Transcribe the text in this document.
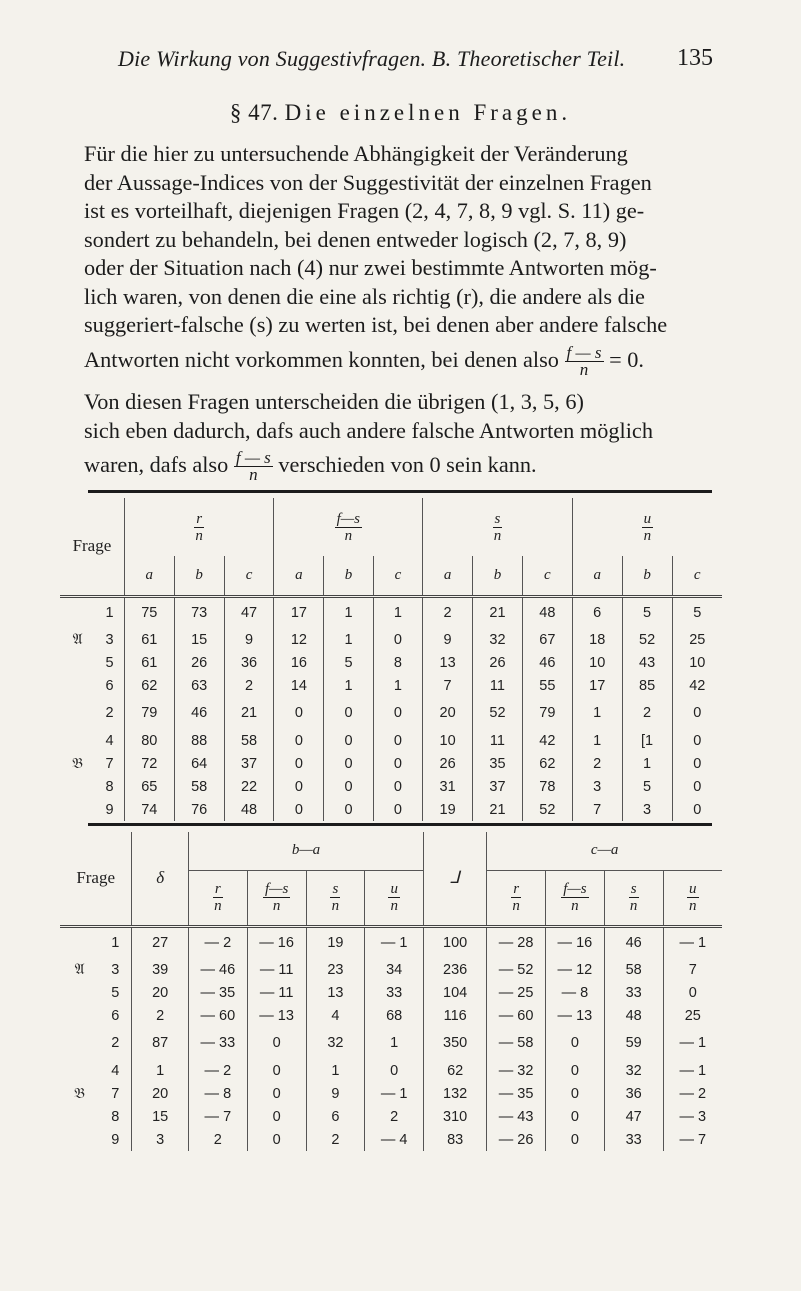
Die Wirkung von Suggestivfragen. B. Theoretischer Teil. 135
§ 47. Die einzelnen Fragen.
Für die hier zu untersuchende Abhängigkeit der Veränderung
der Aussage-Indices von der Suggestivität der einzelnen Fragen
ist es vorteilhaft, diejenigen Fragen (2, 4, 7, 8, 9 vgl. S. 11) ge-
sondert zu behandeln, bei denen entweder logisch (2, 7, 8, 9)
oder der Situation nach (4) nur zwei bestimmte Antworten mög-
lich waren, von denen die eine als richtig (r), die andere als die
suggeriert-falsche (s) zu werten ist, bei denen aber andere falsche
Antworten nicht vorkommen konnten, bei denen also $\frac{f — s}{n} = 0$.
Von diesen Fragen unterscheiden die übrigen (1, 3, 5, 6)
sich eben dadurch, dafs auch andere falsche Antworten möglich
waren, dafs also $\frac{f — s}{n}$ verschieden von 0 sein kann.
Frage		$\frac{r}{n}$			$\frac{f—s}{n}$			$\frac{s}{n}$			$\frac{u}{n}$

		a	b	c	a	b	c	a	b	c	a	b	c
	1	75	73	47	17	1	1	2	21	48	6	5	5
𝔄	3	61	15	9	12	1	0	9	32	67	18	52	25
	5	61	26	36	16	5	8	13	26	46	10	43	10
	6	62	63	2	14	1	1	7	11	55	17	85	42
	2	79	46	21	0	0	0	20	52	79	1	2	0
	4	80	88	58	0	0	0	10	11	42	1	[1	0
𝔅	7	72	64	37	0	0	0	26	35	62	2	1	0
	8	65	58	22	0	0	0	31	37	78	3	5	0
	9	74	76	48	0	0	0	19	21	52	7	3	0
Frage		δ	b—a				⅃	c—a			

			$\frac{r}{n}$	$\frac{f—s}{n}$	$\frac{s}{n}$	$\frac{u}{n}$		$\frac{r}{n}$	$\frac{f—s}{n}$	$\frac{s}{n}$	$\frac{u}{n}$

	1	27	— 2	— 16	19	— 1	100	— 28	— 16	46	— 1
𝔄	3	39	— 46	— 11	23	34	236	— 52	— 12	58	7
	5	20	— 35	— 11	13	33	104	— 25	— 8	33	0
	6	2	— 60	— 13	4	68	116	— 60	— 13	48	25
	2	87	— 33	0	32	1	350	— 58	0	59	— 1
	4	1	— 2	0	1	0	62	— 32	0	32	— 1
𝔅	7	20	— 8	0	9	— 1	132	— 35	0	36	— 2
	8	15	— 7	0	6	2	310	— 43	0	47	— 3
	9	3	2	0	2	— 4	83	— 26	0	33	— 7
